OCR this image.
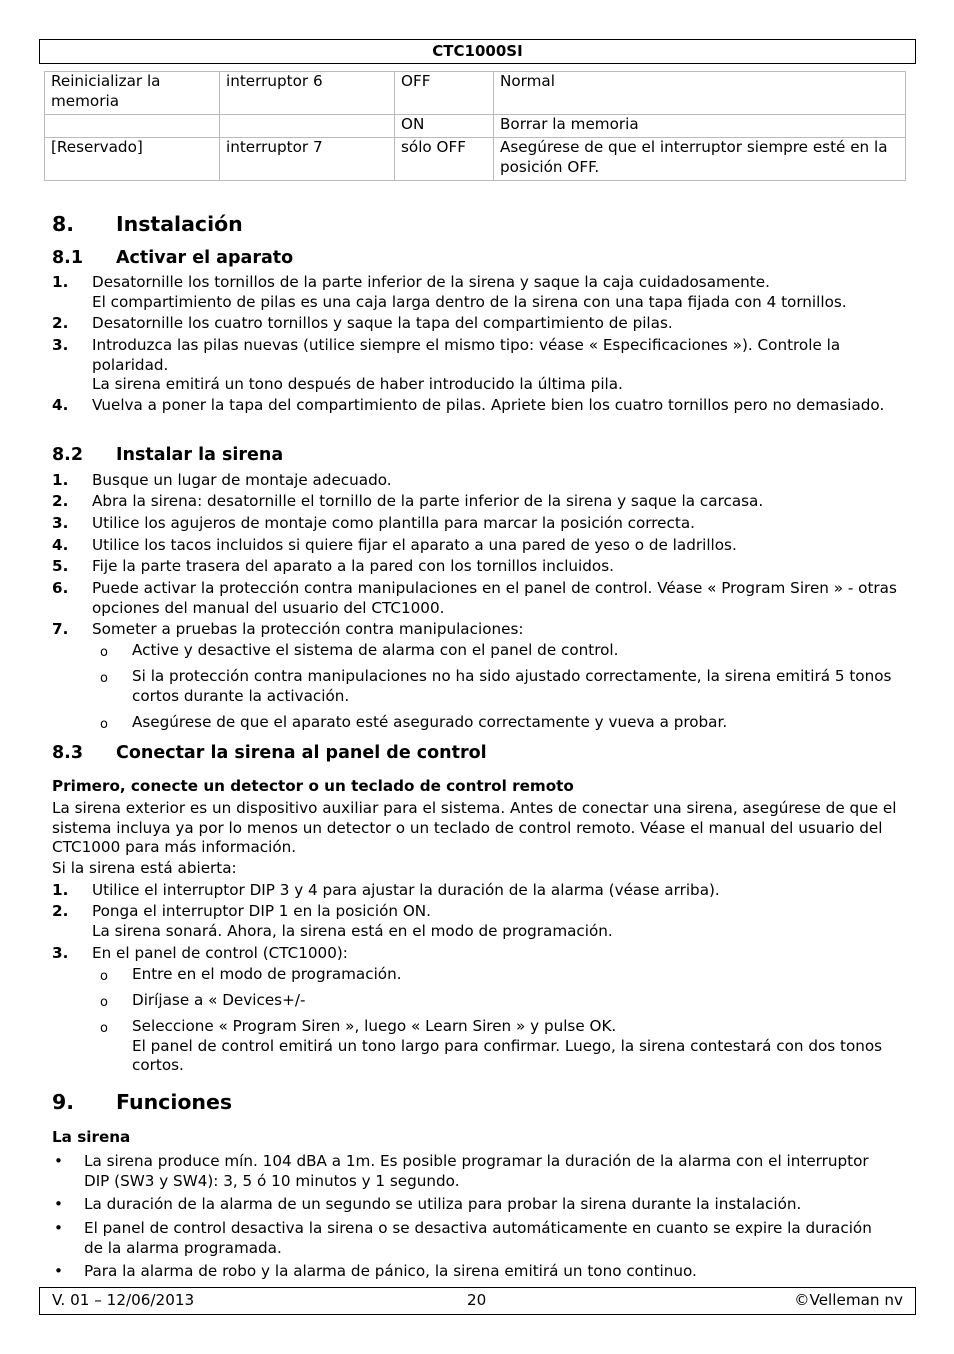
CTC1000SI
Reinicializar la memoria	interruptor 6	OFF	Normal
		ON	Borrar la memoria
[Reservado]	interruptor 7	sólo OFF	Asegúrese de que el interruptor siempre esté en la posición OFF.
8. Instalación
8.1 Activar el aparato
1. Desatornille los tornillos de la parte inferior de la sirena y saque la caja cuidadosamente.
El compartimiento de pilas es una caja larga dentro de la sirena con una tapa fijada con 4 tornillos.
2. Desatornille los cuatro tornillos y saque la tapa del compartimiento de pilas.
3. Introduzca las pilas nuevas (utilice siempre el mismo tipo: véase « Especificaciones »). Controle la polaridad.
La sirena emitirá un tono después de haber introducido la última pila.
4. Vuelva a poner la tapa del compartimiento de pilas. Apriete bien los cuatro tornillos pero no demasiado.
8.2 Instalar la sirena
1. Busque un lugar de montaje adecuado.
2. Abra la sirena: desatornille el tornillo de la parte inferior de la sirena y saque la carcasa.
3. Utilice los agujeros de montaje como plantilla para marcar la posición correcta.
4. Utilice los tacos incluidos si quiere fijar el aparato a una pared de yeso o de ladrillos.
5. Fije la parte trasera del aparato a la pared con los tornillos incluidos.
6. Puede activar la protección contra manipulaciones en el panel de control. Véase « Program Siren » - otras opciones del manual del usuario del CTC1000.
7. Someter a pruebas la protección contra manipulaciones:
o Active y desactive el sistema de alarma con el panel de control.
o Si la protección contra manipulaciones no ha sido ajustado correctamente, la sirena emitirá 5 tonos cortos durante la activación.
o Asegúrese de que el aparato esté asegurado correctamente y vueva a probar.
8.3 Conectar la sirena al panel de control
Primero, conecte un detector o un teclado de control remoto
La sirena exterior es un dispositivo auxiliar para el sistema. Antes de conectar una sirena, asegúrese de que el sistema incluya ya por lo menos un detector o un teclado de control remoto. Véase el manual del usuario del CTC1000 para más información.
Si la sirena está abierta:
1. Utilice el interruptor DIP 3 y 4 para ajustar la duración de la alarma (véase arriba).
2. Ponga el interruptor DIP 1 en la posición ON.
La sirena sonará. Ahora, la sirena está en el modo de programación.
3. En el panel de control (CTC1000):
o Entre en el modo de programación.
o Diríjase a « Devices+/-
o Seleccione « Program Siren », luego « Learn Siren » y pulse OK.
El panel de control emitirá un tono largo para confirmar. Luego, la sirena contestará con dos tonos cortos.
9. Funciones
La sirena
• La sirena produce mín. 104 dBA a 1m. Es posible programar la duración de la alarma con el interruptor DIP (SW3 y SW4): 3, 5 ó 10 minutos y 1 segundo.
• La duración de la alarma de un segundo se utiliza para probar la sirena durante la instalación.
• El panel de control desactiva la sirena o se desactiva automáticamente en cuanto se expire la duración de la alarma programada.
• Para la alarma de robo y la alarma de pánico, la sirena emitirá un tono continuo.
V. 01 – 12/06/2013	20	©Velleman nv
